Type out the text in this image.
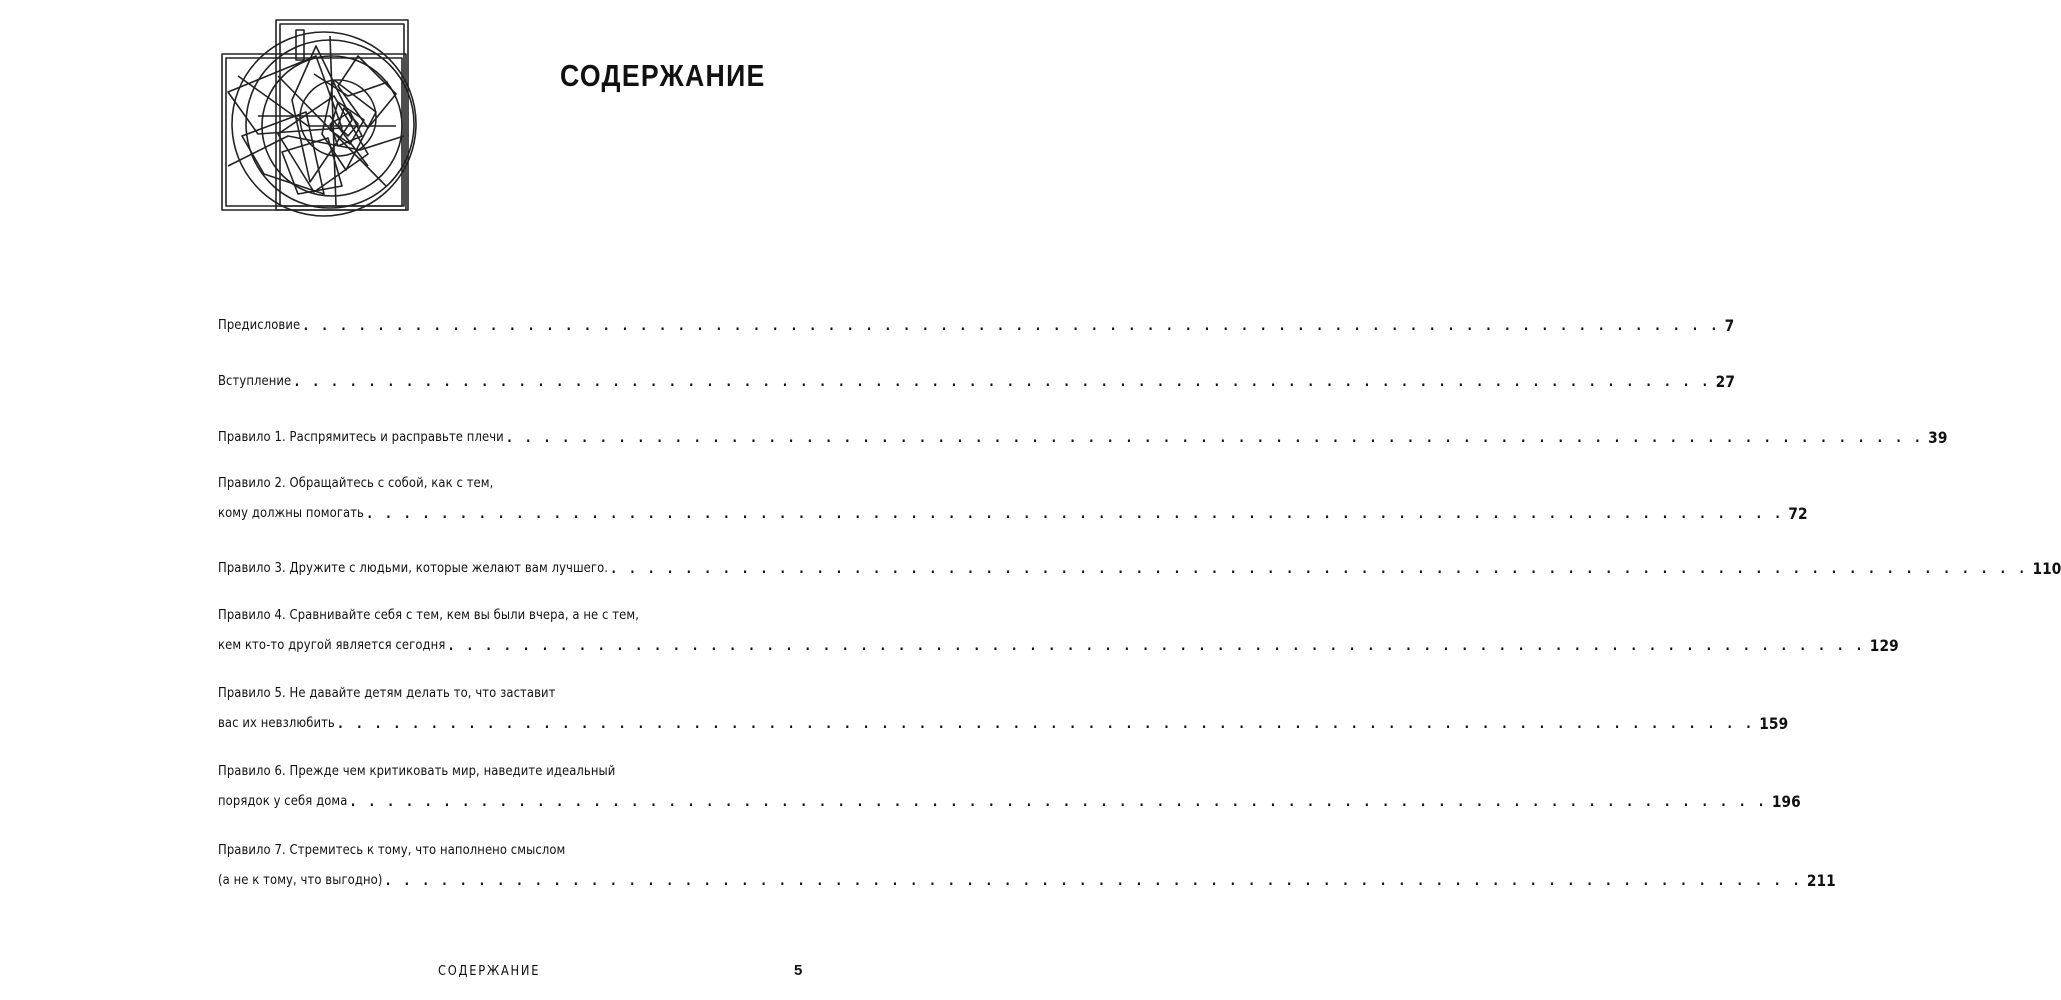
СОДЕРЖАНИЕ
Предисловие . . . . . . . . . . . . . . . . . . . . . . . . . . . . . . . . . . . . . . . . . . . . . . . . . . . . . . . . . . . . . . . . . . . . . . . . . . . . 7
Вступление . . . . . . . . . . . . . . . . . . . . . . . . . . . . . . . . . . . . . . . . . . . . . . . . . . . . . . . . . . . . . . . . . . . . . . . . . . . . 27
Правило 1. Распрямитесь и расправьте плечи . . . . . . . . . . . . . . . . . . . . . . . . . . . . . . . . . . . . . . . . . . . . . . . . . . . . . . . . . . . . . . . . . . . . . . . . . . . . 39
Правило 2. Обращайтесь с собой, как с тем,
кому должны помогать . . . . . . . . . . . . . . . . . . . . . . . . . . . . . . . . . . . . . . . . . . . . . . . . . . . . . . . . . . . . . . . . . . . . . . . . . . . . 72
Правило 3. Дружите с людьми, которые желают вам лучшего. . . . . . . . . . . . . . . . . . . . . . . . . . . . . . . . . . . . . . . . . . . . . . . . . . . . . . . . . . . . . . . . . . . . . . . . . . . . . 110
Правило 4. Сравнивайте себя с тем, кем вы были вчера, а не с тем,
кем кто-то другой является сегодня . . . . . . . . . . . . . . . . . . . . . . . . . . . . . . . . . . . . . . . . . . . . . . . . . . . . . . . . . . . . . . . . . . . . . . . . . . . . 129
Правило 5. Не давайте детям делать то, что заставит
вас их невзлюбить . . . . . . . . . . . . . . . . . . . . . . . . . . . . . . . . . . . . . . . . . . . . . . . . . . . . . . . . . . . . . . . . . . . . . . . . . . . . 159
Правило 6. Прежде чем критиковать мир, наведите идеальный
порядок у себя дома . . . . . . . . . . . . . . . . . . . . . . . . . . . . . . . . . . . . . . . . . . . . . . . . . . . . . . . . . . . . . . . . . . . . . . . . . . . . 196
Правило 7. Стремитесь к тому, что наполнено смыслом
(а не к тому, что выгодно) . . . . . . . . . . . . . . . . . . . . . . . . . . . . . . . . . . . . . . . . . . . . . . . . . . . . . . . . . . . . . . . . . . . . . . . . . . . . 211
СОДЕРЖАНИЕ	5
